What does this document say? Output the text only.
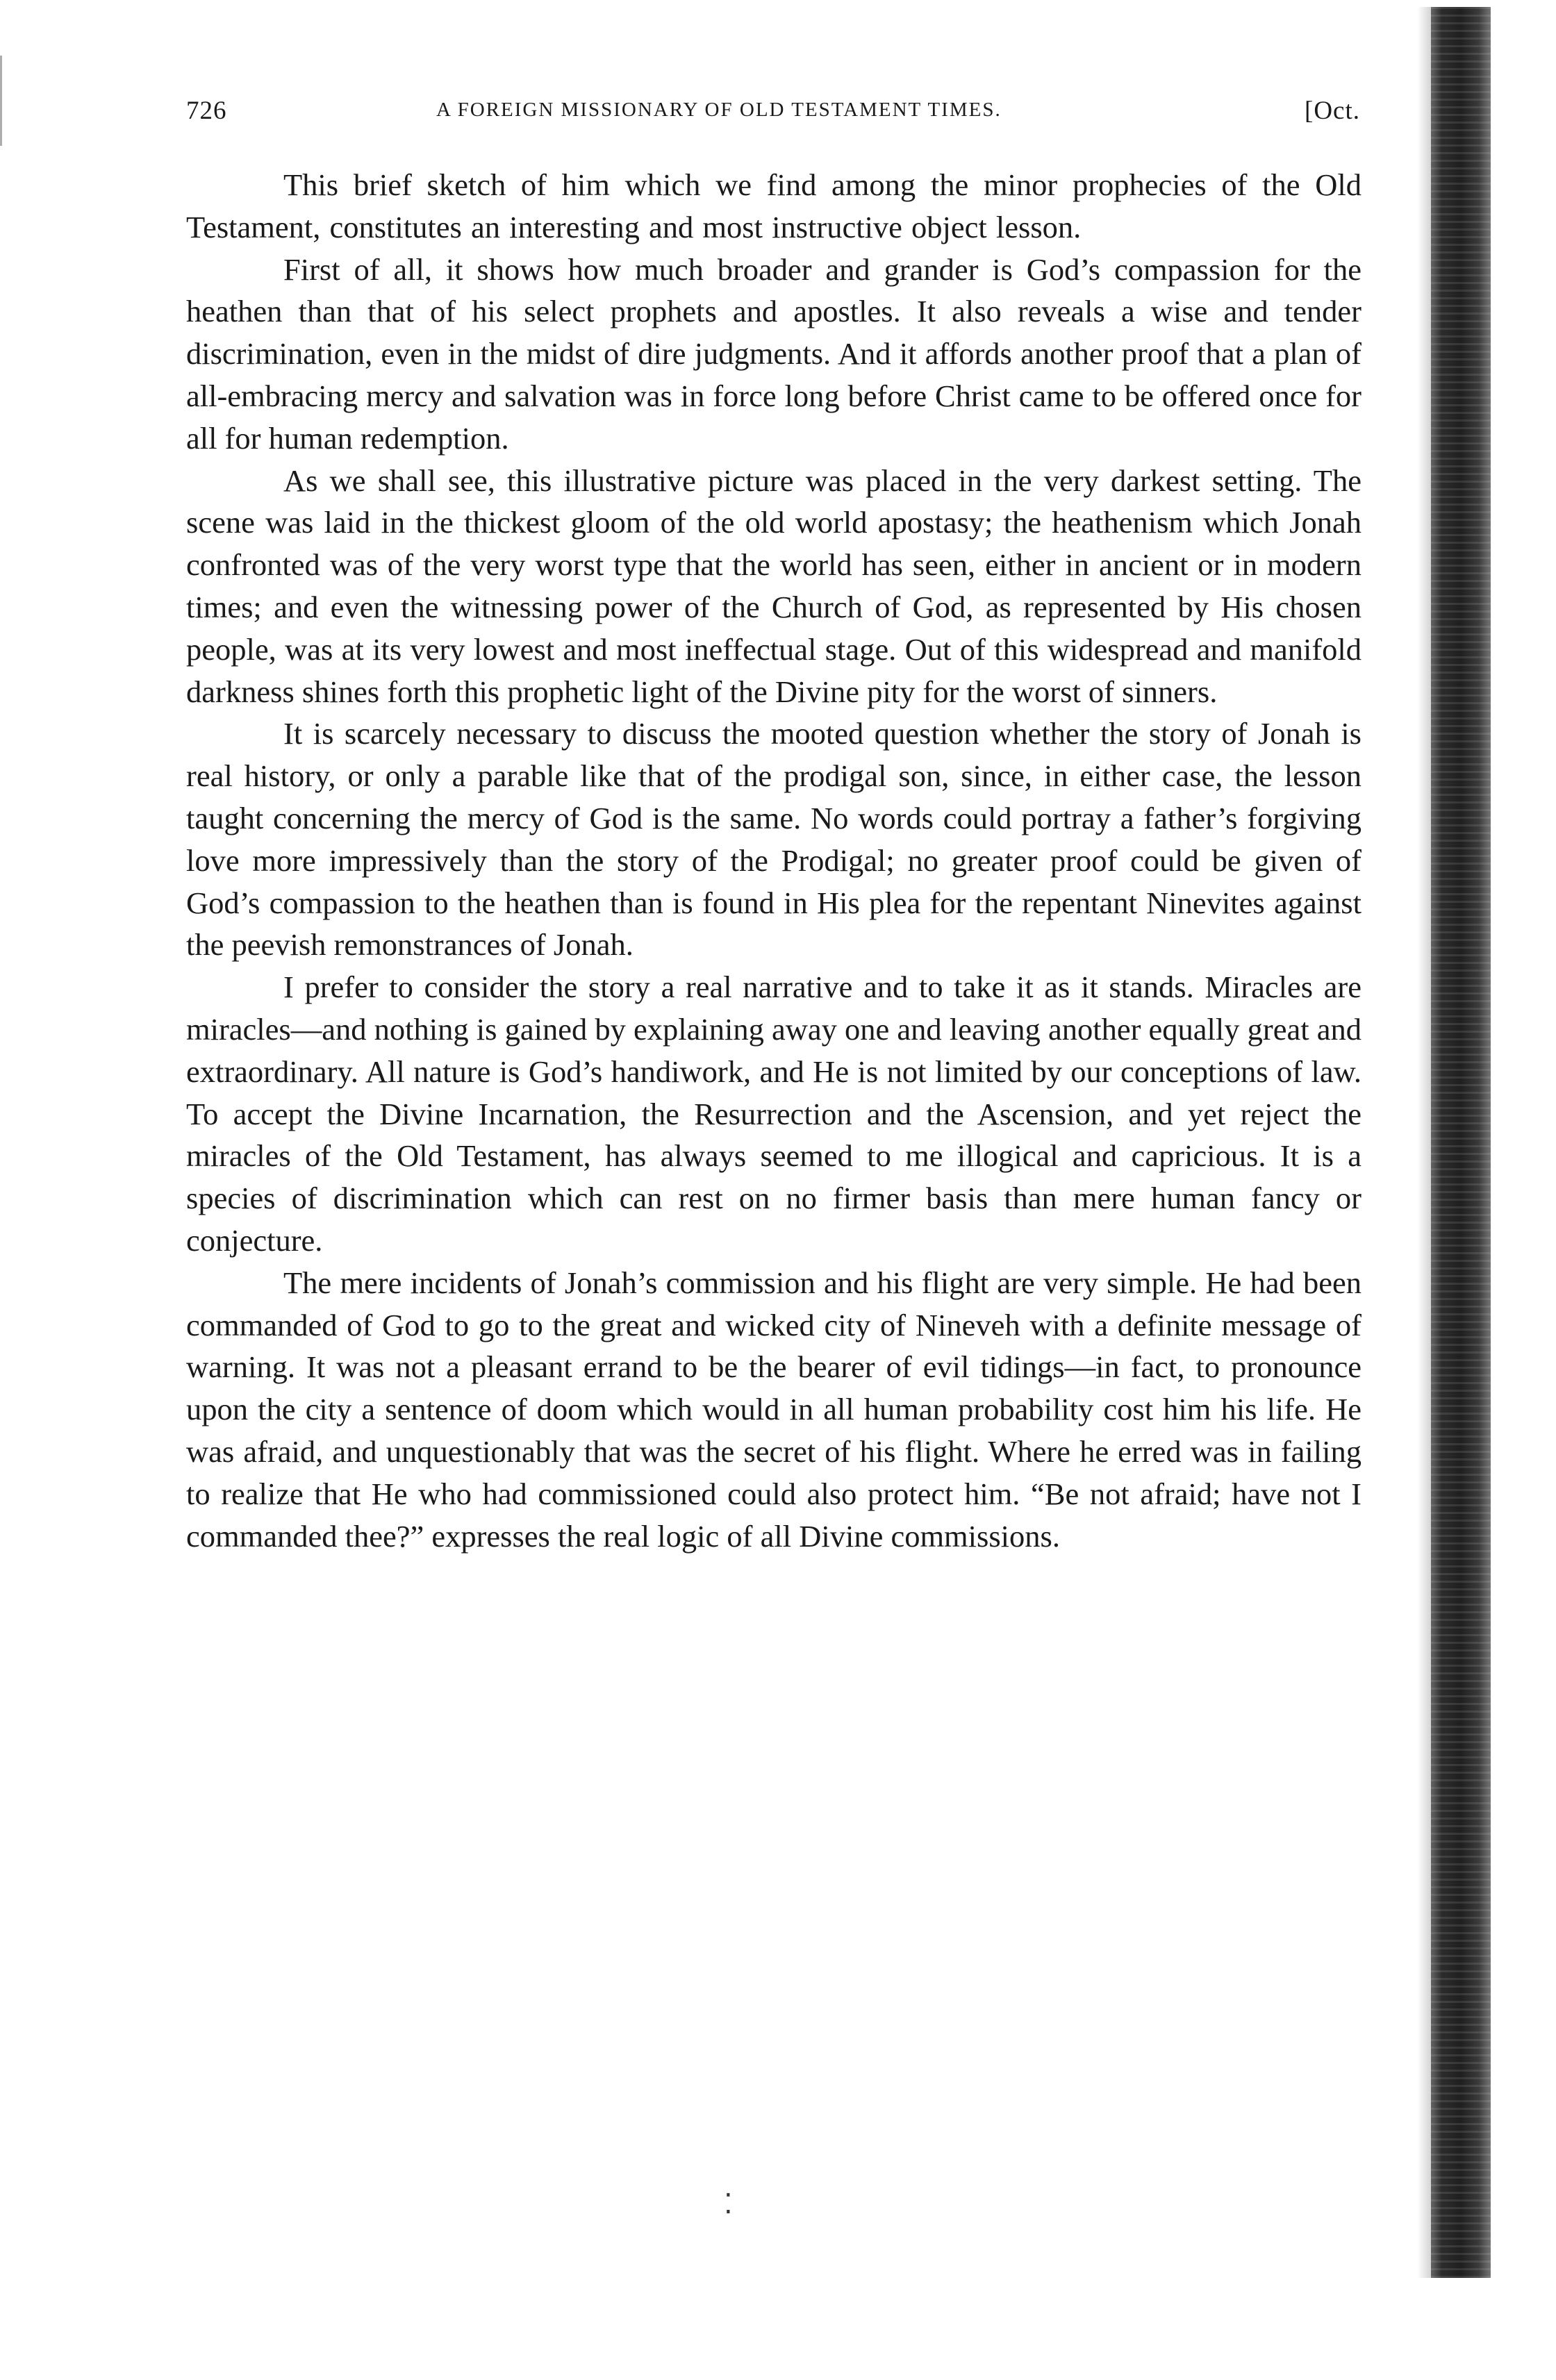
726	A FOREIGN MISSIONARY OF OLD TESTAMENT TIMES.	[Oct.

This brief sketch of him which we find among the minor prophecies of the Old Testament, constitutes an interesting and most instructive object lesson.

First of all, it shows how much broader and grander is God’s compassion for the heathen than that of his select prophets and apostles. It also reveals a wise and tender discrimination, even in the midst of dire judgments. And it affords another proof that a plan of all-embracing mercy and salvation was in force long before Christ came to be offered once for all for human redemption.

As we shall see, this illustrative picture was placed in the very darkest setting. The scene was laid in the thickest gloom of the old world apostasy; the heathenism which Jonah confronted was of the very worst type that the world has seen, either in ancient or in modern times; and even the witnessing power of the Church of God, as represented by His chosen people, was at its very lowest and most ineffectual stage. Out of this widespread and manifold darkness shines forth this prophetic light of the Divine pity for the worst of sinners.

It is scarcely necessary to discuss the mooted question whether the story of Jonah is real history, or only a parable like that of the prodigal son, since, in either case, the lesson taught concerning the mercy of God is the same. No words could portray a father’s forgiving love more impressively than the story of the Prodigal; no greater proof could be given of God’s compassion to the heathen than is found in His plea for the repentant Ninevites against the peevish remonstrances of Jonah.

I prefer to consider the story a real narrative and to take it as it stands. Miracles are miracles—and nothing is gained by explaining away one and leaving another equally great and extraordinary. All nature is God’s handiwork, and He is not limited by our conceptions of law. To accept the Divine Incarnation, the Resurrection and the Ascension, and yet reject the miracles of the Old Testament, has always seemed to me illogical and capricious. It is a species of discrimination which can rest on no firmer basis than mere human fancy or conjecture.

The mere incidents of Jonah’s commission and his flight are very simple. He had been commanded of God to go to the great and wicked city of Nineveh with a definite message of warning. It was not a pleasant errand to be the bearer of evil tidings—in fact, to pronounce upon the city a sentence of doom which would in all human probability cost him his life. He was afraid, and unquestionably that was the secret of his flight. Where he erred was in failing to realize that He who had commissioned could also protect him. “Be not afraid; have not I commanded thee?” expresses the real logic of all Divine commissions.

⁚
